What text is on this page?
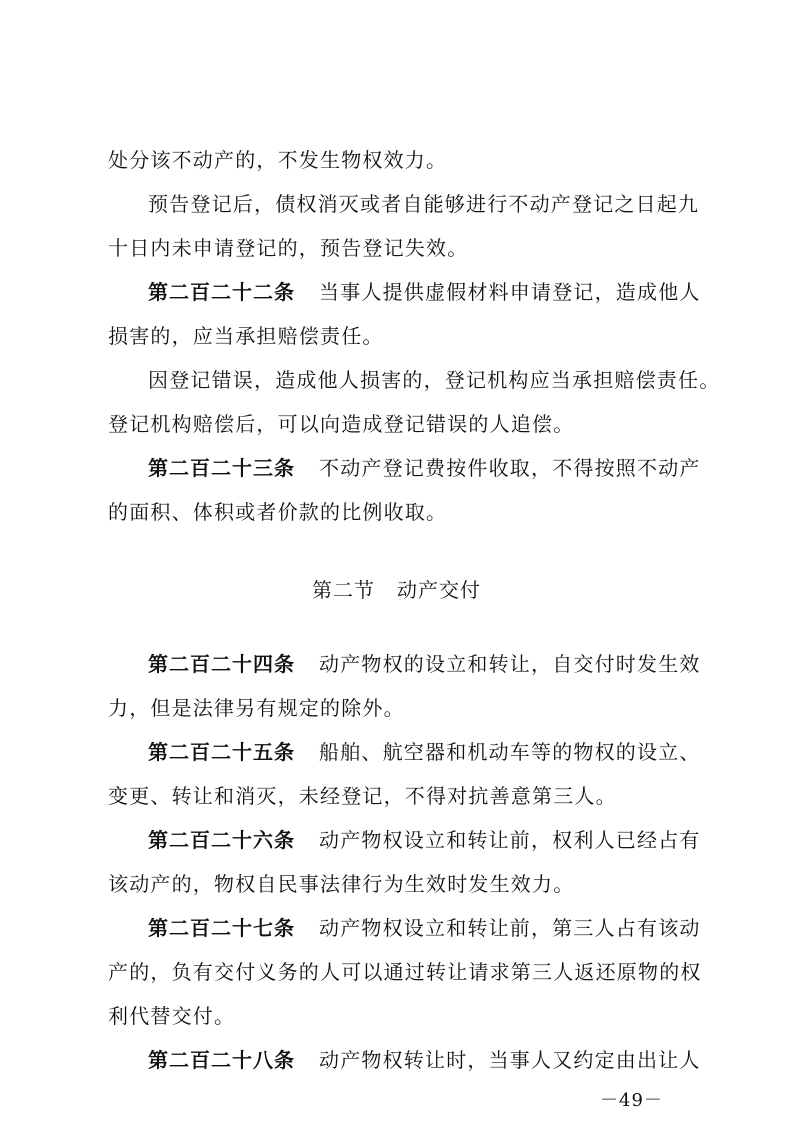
处分该不动产的，不发生物权效力。
预告登记后，债权消灭或者自能够进行不动产登记之日起九
十日内未申请登记的，预告登记失效。
第二百二十二条 当事人提供虚假材料申请登记，造成他人
损害的，应当承担赔偿责任。
因登记错误，造成他人损害的，登记机构应当承担赔偿责任。
登记机构赔偿后，可以向造成登记错误的人追偿。
第二百二十三条 不动产登记费按件收取，不得按照不动产
的面积、体积或者价款的比例收取。
第二节 动产交付
第二百二十四条 动产物权的设立和转让，自交付时发生效
力，但是法律另有规定的除外。
第二百二十五条 船舶、航空器和机动车等的物权的设立、
变更、转让和消灭，未经登记，不得对抗善意第三人。
第二百二十六条 动产物权设立和转让前，权利人已经占有
该动产的，物权自民事法律行为生效时发生效力。
第二百二十七条 动产物权设立和转让前，第三人占有该动
产的，负有交付义务的人可以通过转让请求第三人返还原物的权
利代替交付。
第二百二十八条 动产物权转让时，当事人又约定由出让人
－49－
